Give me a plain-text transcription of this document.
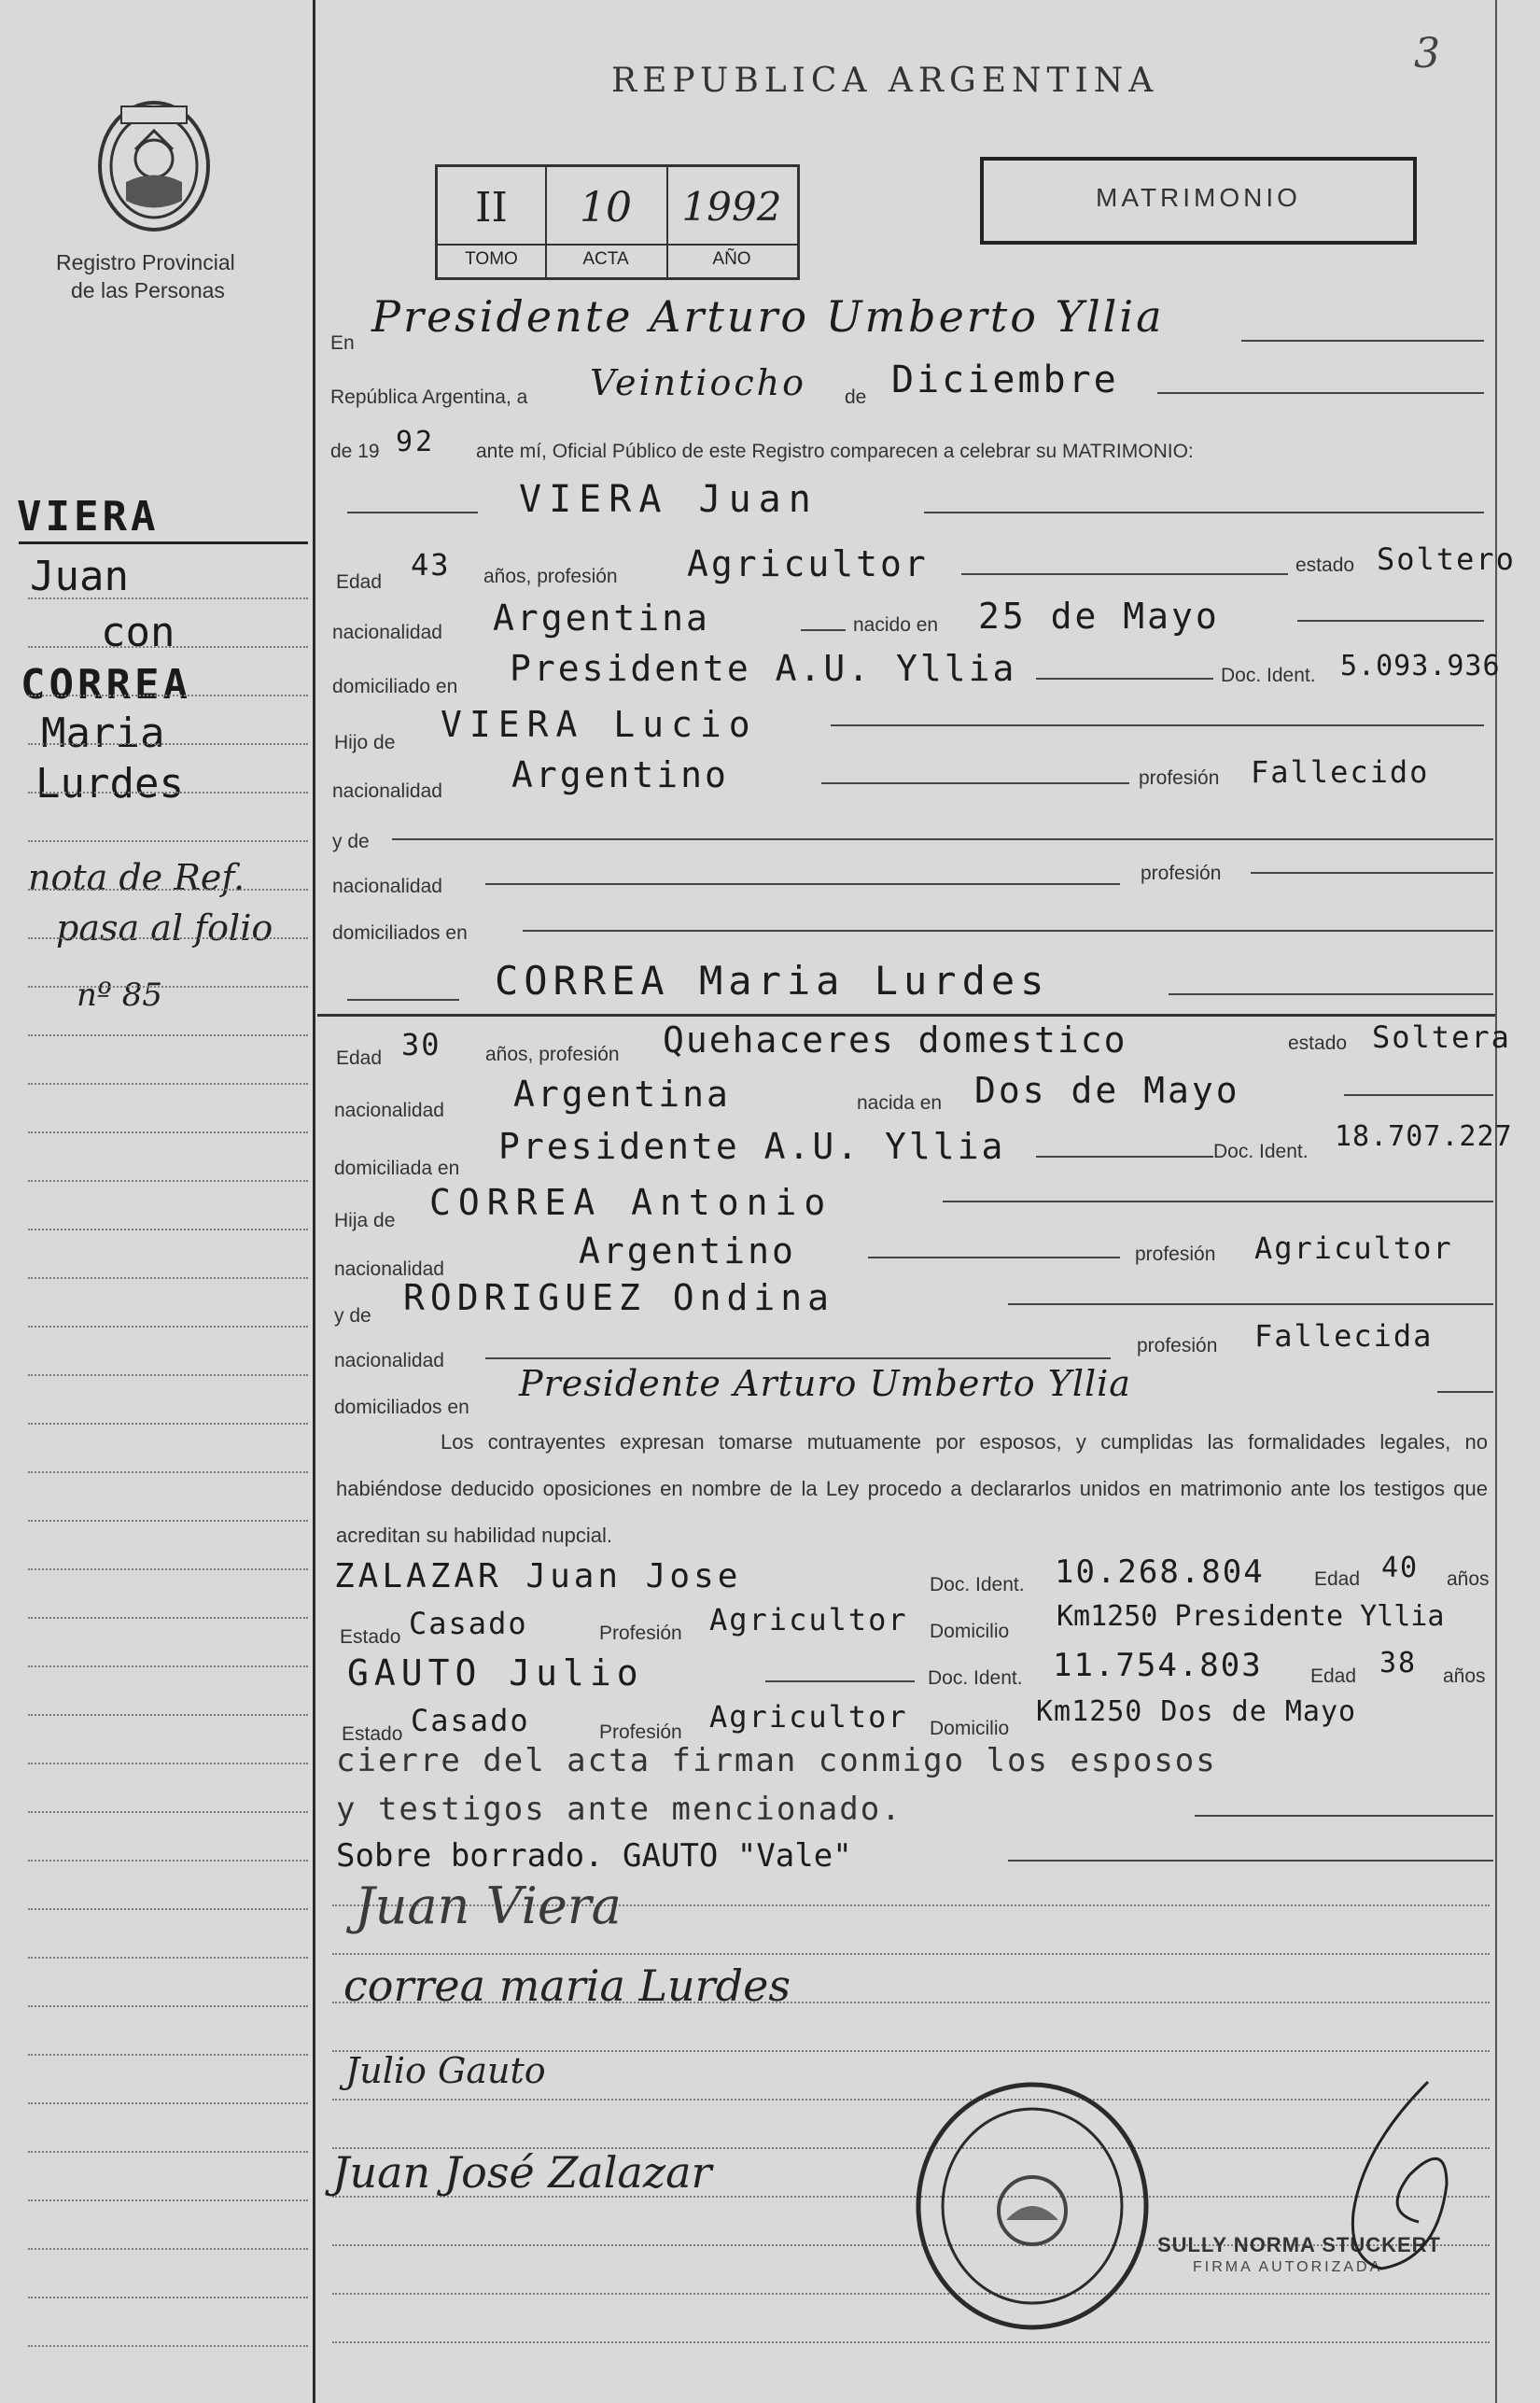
3
Registro Provincial
de las Personas
REPUBLICA ARGENTINA
II	10	1992
TOMO	ACTA	AÑO
MATRIMONIO
VIERA
Juan
con
CORREA
Maria
Lurdes
nota de Ref.
pasa al folio
nº 85
En
Presidente Arturo Umberto Yllia
República Argentina, a Veintiocho de Diciembre
de 19 92 ante mí, Oficial Público de este Registro comparecen a celebrar su MATRIMONIO:
VIERA Juan
Edad 43 años, profesión Agricultor	estado Soltero
nacionalidad Argentina	nacido en 25 de Mayo
domiciliado en Presidente A.U. Yllia	Doc. Ident. 5.093.936
Hijo de VIERA Lucio
nacionalidad Argentino	profesión Fallecido
y de
nacionalidad
profesión
domiciliados en
CORREA Maria Lurdes
Edad 30 años, profesión Quehaceres domestico	estado Soltera
nacionalidad Argentina	nacida en Dos de Mayo
domiciliada en
Presidente A.U. Yllia	Doc. Ident. 18.707.227
Hija de CORREA Antonio
nacionalidad	Argentino	profesión Agricultor
y de RODRIGUEZ Ondina
nacionalidad
profesión Fallecida
domiciliados en
Presidente Arturo Umberto Yllia
Los contrayentes expresan tomarse mutuamente por esposos, y cumplidas las formalidades legales, no habiéndose deducido oposiciones en nombre de la Ley procedo a declararlos unidos en matrimonio ante los testigos que acreditan su habilidad nupcial.
ZALAZAR Juan Jose	Doc. Ident. 10.268.804	Edad 40 años
Estado Casado	Profesión Agricultor Domicilio Km1250 Presidente Yllia
GAUTO Julio	Doc. Ident. 11.754.803 Edad 38 años
Estado Casado	Profesión Agricultor Domicilio
Km1250 Dos de Mayo
cierre del acta firman conmigo los esposos
y testigos ante mencionado.
Sobre borrado. GAUTO "Vale"
Juan Viera
correa maria Lurdes
Julio Gauto
Juan José Zalazar
SULLY NORMA STUCKERT
FIRMA AUTORIZADA
